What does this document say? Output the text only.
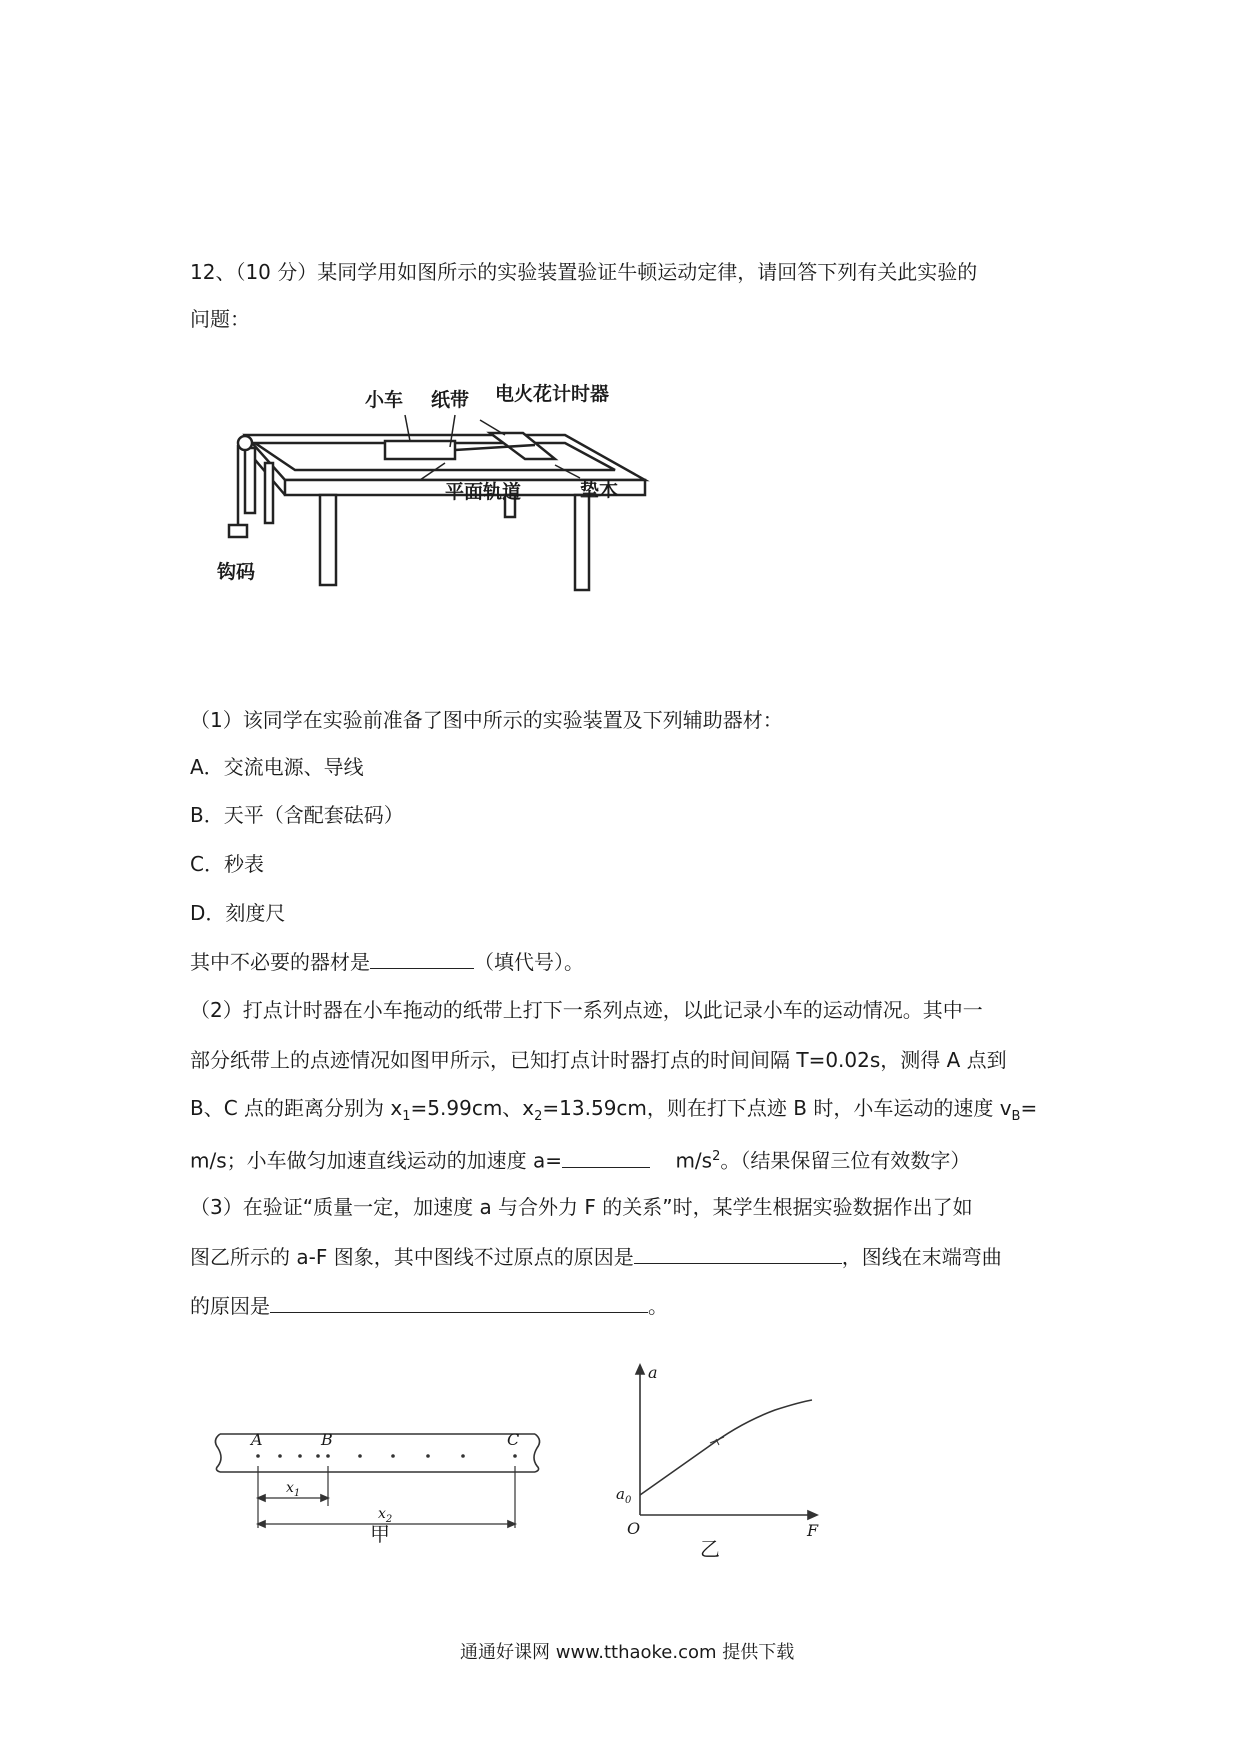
12、（10 分）某同学用如图所示的实验装置验证牛顿运动定律，请回答下列有关此实验的
问题：
小车 纸带 电火花计时器
平面轨道	垫木
钩码
（1）该同学在实验前准备了图中所示的实验装置及下列辅助器材：
A．交流电源、导线
B．天平（含配套砝码）
C．秒表
D．刻度尺
其中不必要的器材是	（填代号）。
（2）打点计时器在小车拖动的纸带上打下一系列点迹，以此记录小车的运动情况。其中一
部分纸带上的点迹情况如图甲所示，已知打点计时器打点的时间间隔 T=0.02s，测得 A 点到
B、C 点的距离分别为 $x_1=5.99cm$、$x_2=13.59cm$，则在打下点迹 B 时，小车运动的速度 $v_B=$
m/s；小车做匀加速直线运动的加速度 a=	$m/s^2$。（结果保留三位有效数字）
（3）在验证“质量一定，加速度 a 与合外力 F 的关系”时，某学生根据实验数据作出了如
图乙所示的 a-F 图象，其中图线不过原点的原因是	，图线在末端弯曲
的原因是	。
A	B	C
$x_1$
$x_2$
甲
a
F
O
$a_0$
乙
通通好课网 www.tthaoke.com 提供下载
